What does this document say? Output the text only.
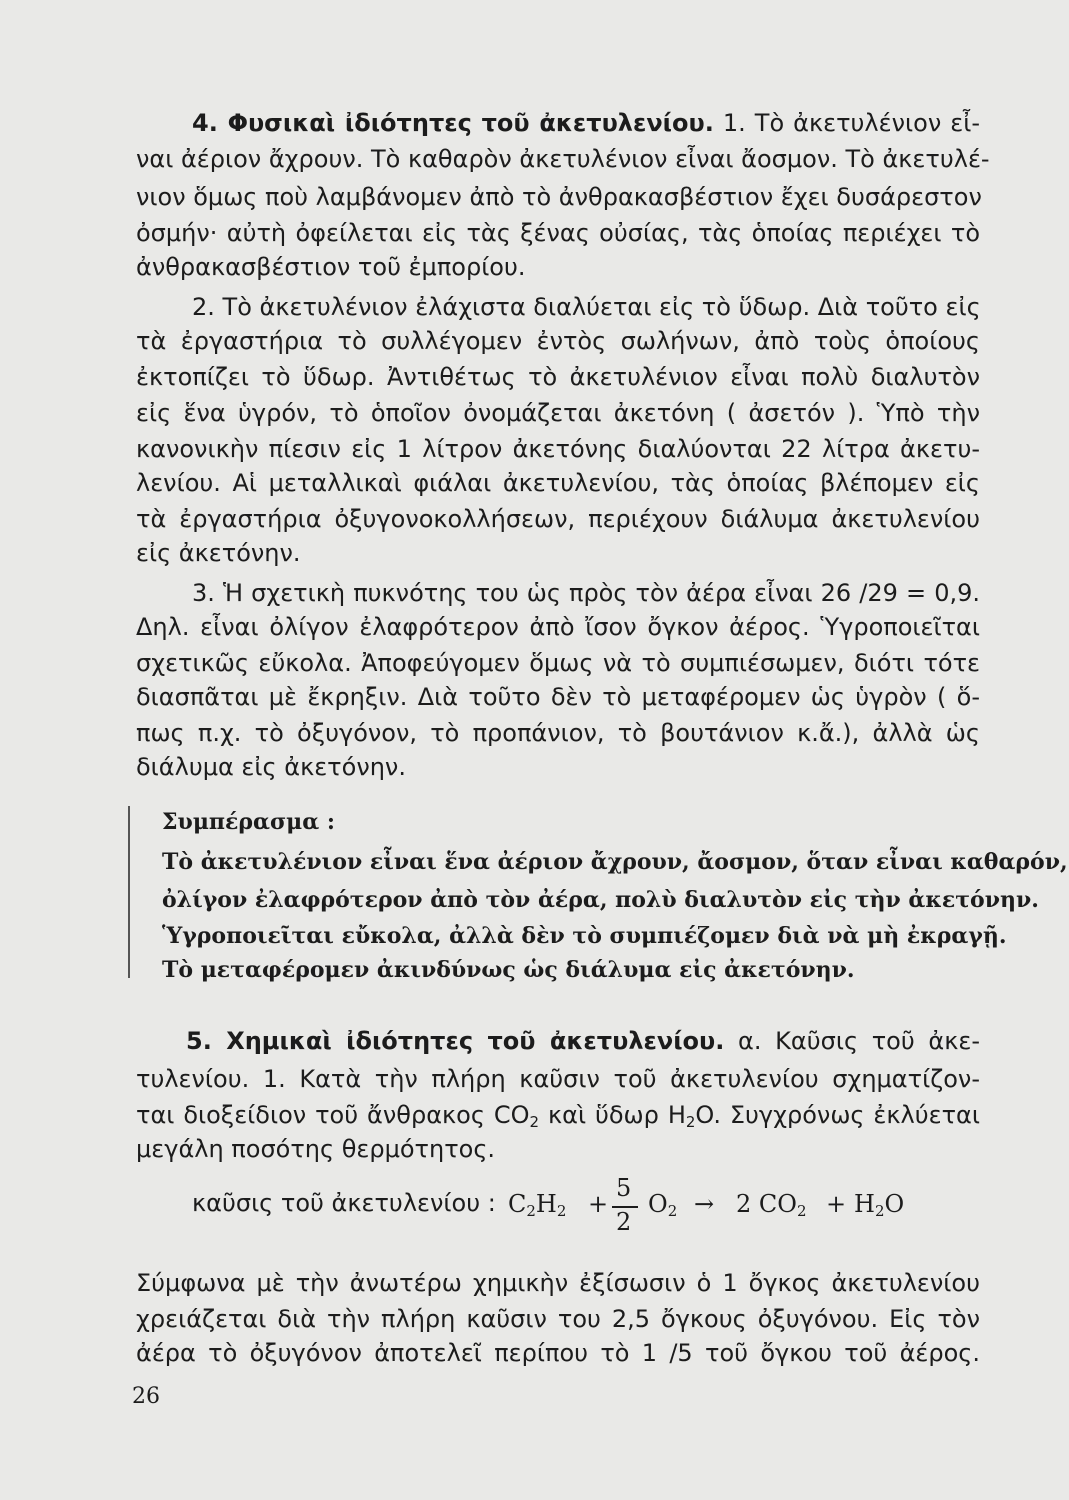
4. Φυσικαὶ ἰδιότητες τοῦ ἀκετυλενίου. 1. Τὸ ἀκετυλένιον εἶ-
ναι ἀέριον ἄχρουν. Τὸ καθαρὸν ἀκετυλένιον εἶναι ἄοσμον. Τὸ ἀκετυλέ-
νιον ὅμως ποὺ λαμβάνομεν ἀπὸ τὸ ἀνθρακασβέστιον ἔχει δυσάρεστον
ὀσμήν· αὐτὴ ὀφείλεται εἰς τὰς ξένας οὐσίας, τὰς ὁποίας περιέχει τὸ
ἀνθρακασβέστιον τοῦ ἐμπορίου.
2. Τὸ ἀκετυλένιον ἐλάχιστα διαλύεται εἰς τὸ ὕδωρ. Διὰ τοῦτο εἰς
τὰ ἐργαστήρια τὸ συλλέγομεν ἐντὸς σωλήνων, ἀπὸ τοὺς ὁποίους
ἐκτοπίζει τὸ ὕδωρ. Ἀντιθέτως τὸ ἀκετυλένιον εἶναι πολὺ διαλυτὸν
εἰς ἕνα ὑγρόν, τὸ ὁποῖον ὀνομάζεται ἀκετόνη ( ἀσετόν ). Ὑπὸ τὴν
κανονικὴν πίεσιν εἰς 1 λίτρον ἀκετόνης διαλύονται 22 λίτρα ἀκετυ-
λενίου. Αἱ μεταλλικαὶ φιάλαι ἀκετυλενίου, τὰς ὁποίας βλέπομεν εἰς
τὰ ἐργαστήρια ὀξυγονοκολλήσεων, περιέχουν διάλυμα ἀκετυλενίου
εἰς ἀκετόνην.
3. Ἡ σχετικὴ πυκνότης του ὡς πρὸς τὸν ἀέρα εἶναι 26 /29 = 0,9.
Δηλ. εἶναι ὀλίγον ἐλαφρότερον ἀπὸ ἴσον ὄγκον ἀέρος. Ὑγροποιεῖται
σχετικῶς εὔκολα. Ἀποφεύγομεν ὅμως νὰ τὸ συμπιέσωμεν, διότι τότε
διασπᾶται μὲ ἔκρηξιν. Διὰ τοῦτο δὲν τὸ μεταφέρομεν ὡς ὑγρὸν ( ὅ-
πως π.χ. τὸ ὀξυγόνον, τὸ προπάνιον, τὸ βουτάνιον κ.ἄ.), ἀλλὰ ὡς
διάλυμα εἰς ἀκετόνην.
Συμπέρασμα :
Τὸ ἀκετυλένιον εἶναι ἕνα ἀέριον ἄχρουν, ἄοσμον, ὅταν εἶναι καθαρόν,
ὀλίγον ἐλαφρότερον ἀπὸ τὸν ἀέρα, πολὺ διαλυτὸν εἰς τὴν ἀκετόνην.
Ὑγροποιεῖται εὔκολα, ἀλλὰ δὲν τὸ συμπιέζομεν διὰ νὰ μὴ ἐκραγῇ.
Τὸ μεταφέρομεν ἀκινδύνως ὡς διάλυμα εἰς ἀκετόνην.
5. Χημικαὶ ἰδιότητες τοῦ ἀκετυλενίου. α. Καῦσις τοῦ ἀκε-
τυλενίου. 1. Κατὰ τὴν πλήρη καῦσιν τοῦ ἀκετυλενίου σχηματίζον-
ται διοξείδιον τοῦ ἄνθρακος $CO_2$ καὶ ὕδωρ $H_2O$. Συγχρόνως ἐκλύεται
μεγάλη ποσότης θερμότητος.
καῦσις τοῦ ἀκετυλενίου : $C_2H_2$ +
5
2
$O_2 \to 2$ $CO_2 + H_2O$
Σύμφωνα μὲ τὴν ἀνωτέρω χημικὴν ἐξίσωσιν ὁ 1 ὄγκος ἀκετυλενίου
χρειάζεται διὰ τὴν πλήρη καῦσιν του 2,5 ὄγκους ὀξυγόνου. Εἰς τὸν
ἀέρα τὸ ὀξυγόνον ἀποτελεῖ περίπου τὸ 1 /5 τοῦ ὄγκου τοῦ ἀέρος.
26
